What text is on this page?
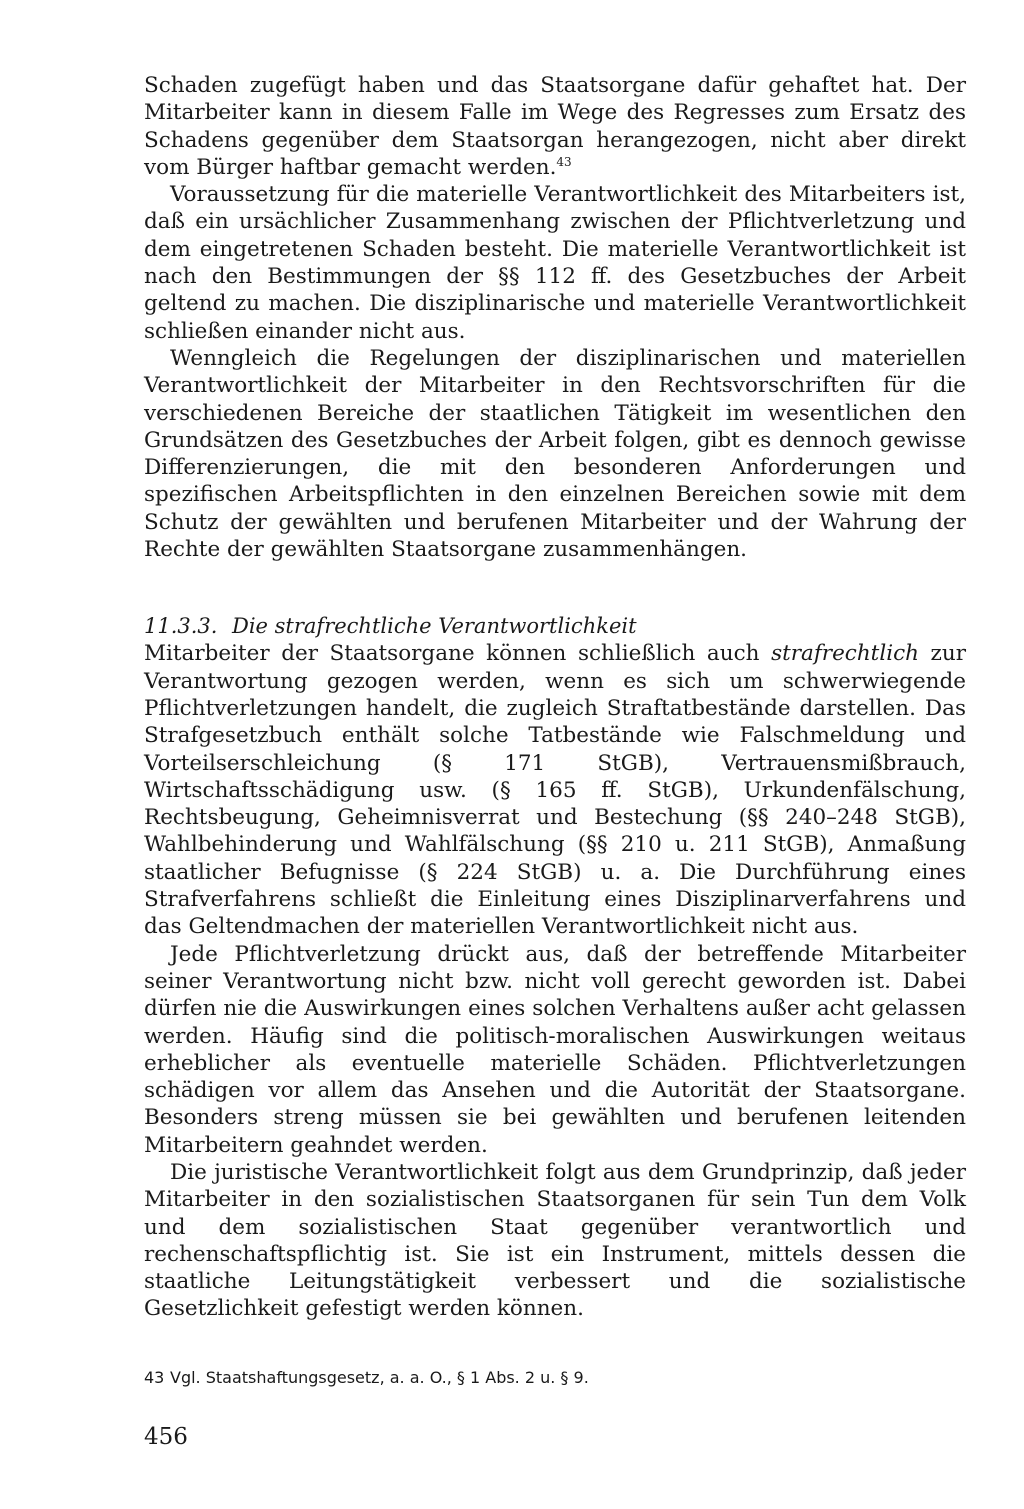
Schaden zugefügt haben und das Staatsorgane dafür gehaftet hat. Der Mitarbeiter kann in diesem Falle im Wege des Regresses zum Ersatz des Schadens gegenüber dem Staatsorgan herangezogen, nicht aber direkt vom Bürger haftbar gemacht werden.$^{43}$

Voraussetzung für die materielle Verantwortlichkeit des Mitarbeiters ist, daß ein ursächlicher Zusammenhang zwischen der Pflichtverletzung und dem eingetretenen Schaden besteht. Die materielle Verantwortlichkeit ist nach den Bestimmungen der §§ 112 ff. des Gesetzbuches der Arbeit geltend zu machen. Die disziplinarische und materielle Verantwortlichkeit schließen einander nicht aus.

Wenngleich die Regelungen der disziplinarischen und materiellen Verantwortlichkeit der Mitarbeiter in den Rechtsvorschriften für die verschiedenen Bereiche der staatlichen Tätigkeit im wesentlichen den Grundsätzen des Gesetzbuches der Arbeit folgen, gibt es dennoch gewisse Differenzierungen, die mit den besonderen Anforderungen und spezifischen Arbeitspflichten in den einzelnen Bereichen sowie mit dem Schutz der gewählten und berufenen Mitarbeiter und der Wahrung der Rechte der gewählten Staatsorgane zusammenhängen.

11.3.3. Die strafrechtliche Verantwortlichkeit

Mitarbeiter der Staatsorgane können schließlich auch strafrechtlich zur Verantwortung gezogen werden, wenn es sich um schwerwiegende Pflichtverletzungen handelt, die zugleich Straftatbestände darstellen. Das Strafgesetzbuch enthält solche Tatbestände wie Falschmeldung und Vorteilserschleichung (§ 171 StGB), Vertrauensmißbrauch, Wirtschaftsschädigung usw. (§ 165 ff. StGB), Urkundenfälschung, Rechtsbeugung, Geheimnisverrat und Bestechung (§§ 240–248 StGB), Wahlbehinderung und Wahlfälschung (§§ 210 u. 211 StGB), Anmaßung staatlicher Befugnisse (§ 224 StGB) u. a. Die Durchführung eines Strafverfahrens schließt die Einleitung eines Disziplinarverfahrens und das Geltendmachen der materiellen Verantwortlichkeit nicht aus.

Jede Pflichtverletzung drückt aus, daß der betreffende Mitarbeiter seiner Verantwortung nicht bzw. nicht voll gerecht geworden ist. Dabei dürfen nie die Auswirkungen eines solchen Verhaltens außer acht gelassen werden. Häufig sind die politisch-moralischen Auswirkungen weitaus erheblicher als eventuelle materielle Schäden. Pflichtverletzungen schädigen vor allem das Ansehen und die Autorität der Staatsorgane. Besonders streng müssen sie bei gewählten und berufenen leitenden Mitarbeitern geahndet werden.

Die juristische Verantwortlichkeit folgt aus dem Grundprinzip, daß jeder Mitarbeiter in den sozialistischen Staatsorganen für sein Tun dem Volk und dem sozialistischen Staat gegenüber verantwortlich und rechenschaftspflichtig ist. Sie ist ein Instrument, mittels dessen die staatliche Leitungstätigkeit verbessert und die sozialistische Gesetzlichkeit gefestigt werden können.

43 Vgl. Staatshaftungsgesetz, a. a. O., § 1 Abs. 2 u. § 9.
456
